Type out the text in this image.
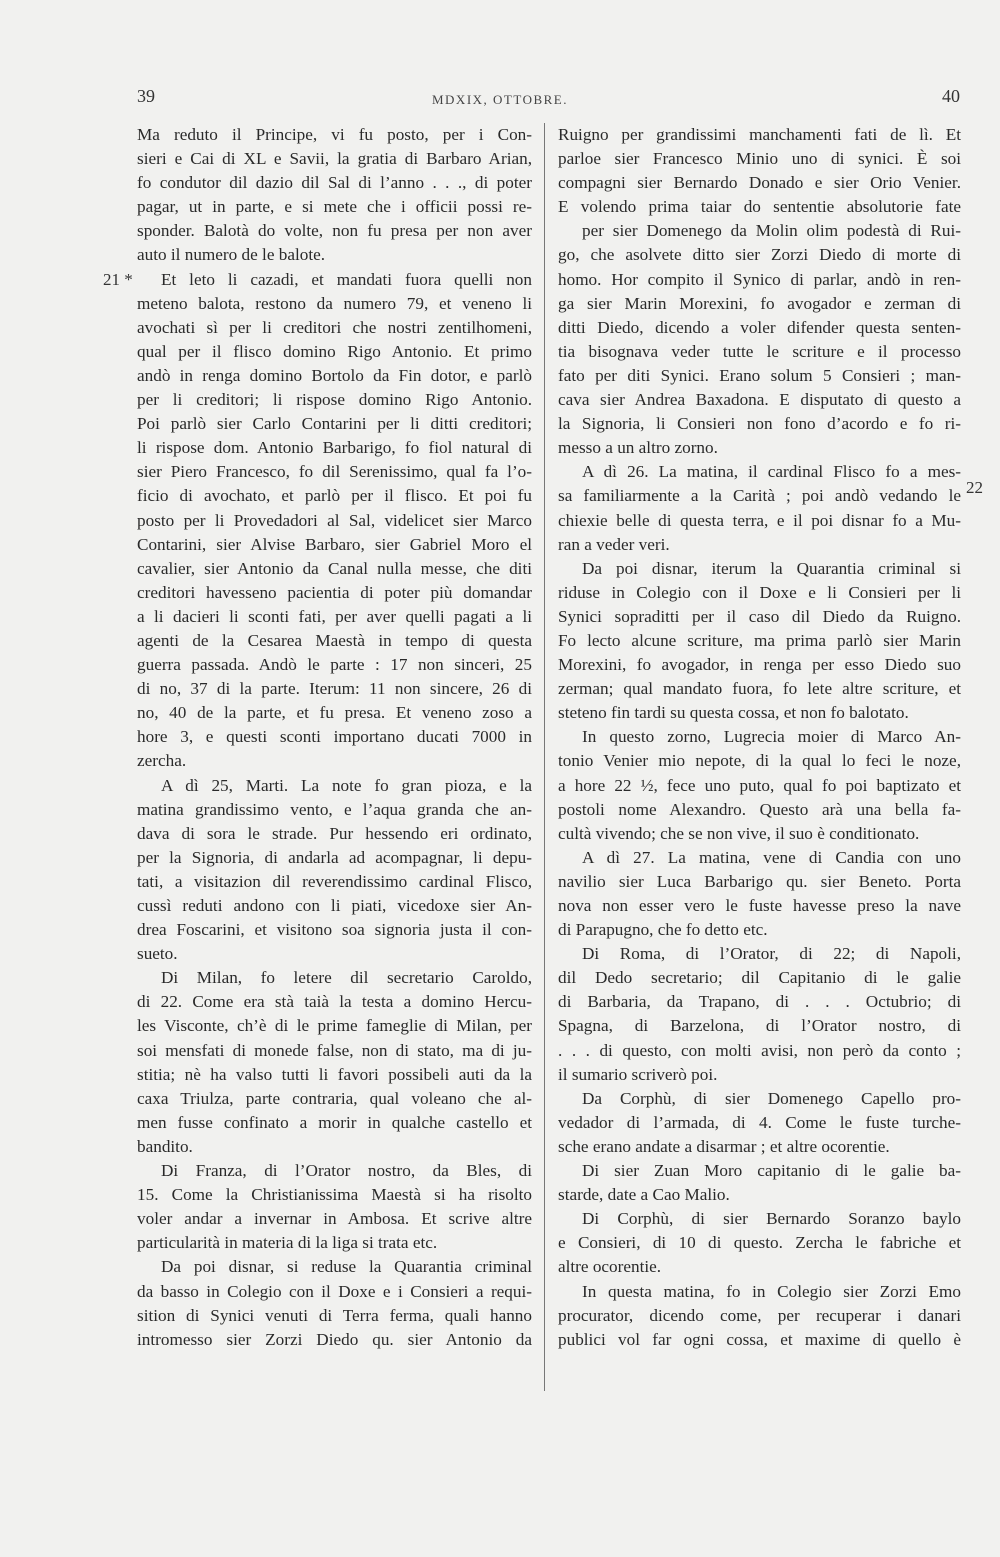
39	MDXIX, OTTOBRE.	40
21 *
22
Ma reduto il Principe, vi fu posto, per i Con-
sieri e Cai di XL e Savii, la gratia di Barbaro Arian,
fo condutor dil dazio dil Sal di l’anno . . ., di poter
pagar, ut in parte, e si mete che i officii possi re-
sponder. Balotà do volte, non fu presa per non aver
auto il numero de le balote.
Et leto li cazadi, et mandati fuora quelli non
meteno balota, restono da numero 79, et veneno li
avochati sì per li creditori che nostri zentilhomeni,
qual per il flisco domino Rigo Antonio. Et primo
andò in renga domino Bortolo da Fin dotor, e parlò
per li creditori; li rispose domino Rigo Antonio.
Poi parlò sier Carlo Contarini per li ditti creditori;
li rispose dom. Antonio Barbarigo, fo fiol natural di
sier Piero Francesco, fo dil Serenissimo, qual fa l’o-
ficio di avochato, et parlò per il flisco. Et poi fu
posto per li Provedadori al Sal, videlicet sier Marco
Contarini, sier Alvise Barbaro, sier Gabriel Moro el
cavalier, sier Antonio da Canal nulla messe, che diti
creditori havesseno pacientia di poter più domandar
a li dacieri li sconti fati, per aver quelli pagati a li
agenti de la Cesarea Maestà in tempo di questa
guerra passada. Andò le parte : 17 non sinceri, 25
di no, 37 di la parte. Iterum: 11 non sincere, 26 di
no, 40 de la parte, et fu presa. Et veneno zoso a
hore 3, e questi sconti importano ducati 7000 in
zercha.
A dì 25, Marti. La note fo gran pioza, e la
matina grandissimo vento, e l’aqua granda che an-
dava di sora le strade. Pur hessendo eri ordinato,
per la Signoria, di andarla ad acompagnar, li depu-
tati, a visitazion dil reverendissimo cardinal Flisco,
cussì reduti andono con li piati, vicedoxe sier An-
drea Foscarini, et visitono soa signoria justa il con-
sueto.
Di Milan, fo letere dil secretario Caroldo,
di 22. Come era stà taià la testa a domino Hercu-
les Visconte, ch’è di le prime fameglie di Milan, per
soi mensfati di monede false, non di stato, ma di ju-
stitia; nè ha valso tutti li favori possibeli auti da la
caxa Triulza, parte contraria, qual voleano che al-
men fusse confinato a morir in qualche castello et
bandito.
Di Franza, di l’Orator nostro, da Bles, di
15. Come la Christianissima Maestà si ha risolto
voler andar a invernar in Ambosa. Et scrive altre
particularità in materia di la liga si trata etc.
Da poi disnar, si reduse la Quarantia criminal
da basso in Colegio con il Doxe e i Consieri a requi-
sition di Synici venuti di Terra ferma, quali hanno
intromesso sier Zorzi Diedo qu. sier Antonio da
Ruigno per grandissimi manchamenti fati de lì. Et
parloe sier Francesco Minio uno di synici. È soi
compagni sier Bernardo Donado e sier Orio Venier.
E volendo prima taiar do sententie absolutorie fate
per sier Domenego da Molin olim podestà di Rui-
go, che asolvete ditto sier Zorzi Diedo di morte di
homo. Hor compito il Synico di parlar, andò in ren-
ga sier Marin Morexini, fo avogador e zerman di
ditti Diedo, dicendo a voler difender questa senten-
tia bisognava veder tutte le scriture e il processo
fato per diti Synici. Erano solum 5 Consieri ; man-
cava sier Andrea Baxadona. E disputato di questo a
la Signoria, li Consieri non fono d’acordo e fo ri-
messo a un altro zorno.
A dì 26. La matina, il cardinal Flisco fo a mes-
sa familiarmente a la Carità ; poi andò vedando le
chiexie belle di questa terra, e il poi disnar fo a Mu-
ran a veder veri.
Da poi disnar, iterum la Quarantia criminal si
riduse in Colegio con il Doxe e li Consieri per li
Synici sopraditti per il caso dil Diedo da Ruigno.
Fo lecto alcune scriture, ma prima parlò sier Marin
Morexini, fo avogador, in renga per esso Diedo suo
zerman; qual mandato fuora, fo lete altre scriture, et
steteno fin tardi su questa cossa, et non fo balotato.
In questo zorno, Lugrecia moier di Marco An-
tonio Venier mio nepote, di la qual lo feci le noze,
a hore 22 ½, fece uno puto, qual fo poi baptizato et
postoli nome Alexandro. Questo arà una bella fa-
cultà vivendo; che se non vive, il suo è conditionato.
A dì 27. La matina, vene di Candia con uno
navilio sier Luca Barbarigo qu. sier Beneto. Porta
nova non esser vero le fuste havesse preso la nave
di Parapugno, che fo detto etc.
Di Roma, di l’Orator, di 22; di Napoli,
dil Dedo secretario; dil Capitanio di le galie
di Barbaria, da Trapano, di . . . Octubrio; di
Spagna, di Barzelona, di l’Orator nostro, di
. . . di questo, con molti avisi, non però da conto ;
il sumario scriverò poi.
Da Corphù, di sier Domenego Capello pro-
vedador di l’armada, di 4. Come le fuste turche-
sche erano andate a disarmar ; et altre ocorentie.
Di sier Zuan Moro capitanio di le galie ba-
starde, date a Cao Malio.
Di Corphù, di sier Bernardo Soranzo baylo
e Consieri, di 10 di questo. Zercha le fabriche et
altre ocorentie.
In questa matina, fo in Colegio sier Zorzi Emo
procurator, dicendo come, per recuperar i danari
publici vol far ogni cossa, et maxime di quello è
